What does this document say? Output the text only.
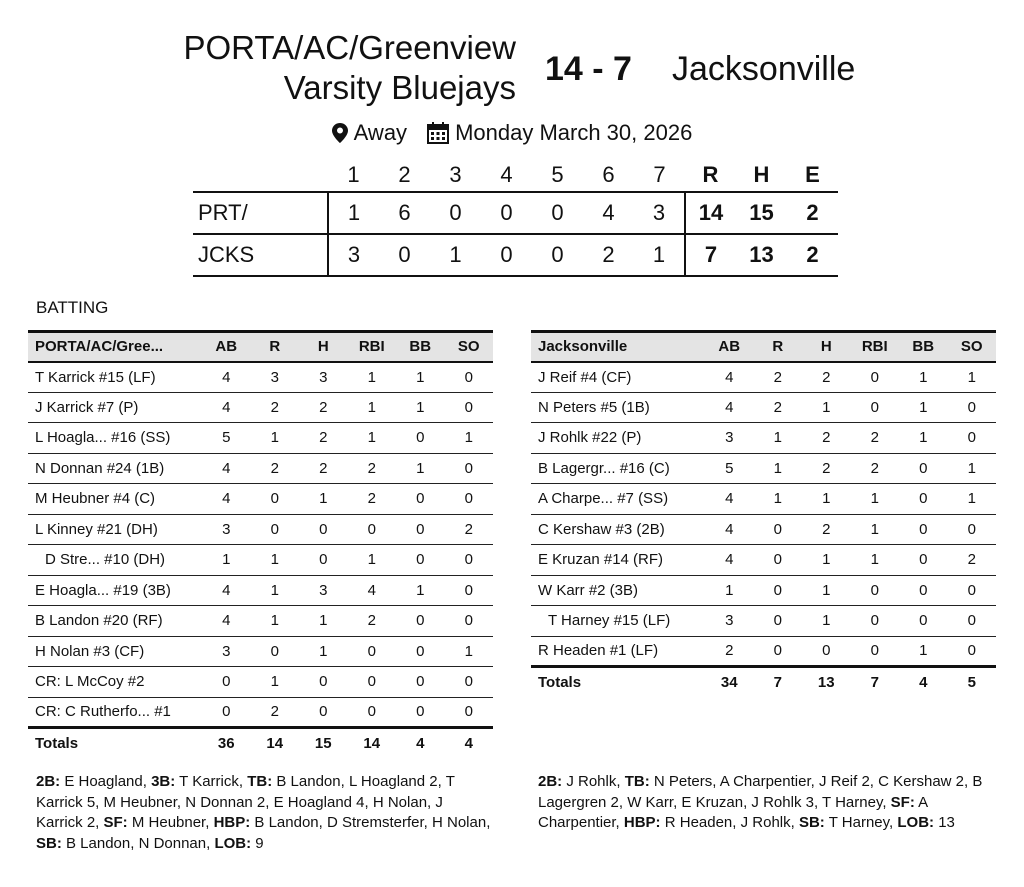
PORTA/AC/Greenview
Varsity Bluejays 14 - 7 Jacksonville
Away Monday March 30, 2026
	1	2	3	4	5	6	7	R	H	E
PRT/	1	6	0	0	0	4	3	14	15	2
JCKS	3	0	1	0	0	2	1	7	13	2
BATTING
PORTA/AC/Gree...	AB	R	H	RBI	BB	SO
T Karrick #15 (LF)	4	3	3	1	1	0
J Karrick #7 (P)	4	2	2	1	1	0
L Hoagla... #16 (SS)	5	1	2	1	0	1
N Donnan #24 (1B)	4	2	2	2	1	0
M Heubner #4 (C)	4	0	1	2	0	0
L Kinney #21 (DH)	3	0	0	0	0	2
D Stre... #10 (DH)	1	1	0	1	0	0
E Hoagla... #19 (3B)	4	1	3	4	1	0
B Landon #20 (RF)	4	1	1	2	0	0
H Nolan #3 (CF)	3	0	1	0	0	1
CR: L McCoy #2	0	1	0	0	0	0
CR: C Rutherfo... #1	0	2	0	0	0	0
Totals	36	14	15	14	4	4
Jacksonville	AB	R	H	RBI	BB	SO
J Reif #4 (CF)	4	2	2	0	1	1
N Peters #5 (1B)	4	2	1	0	1	0
J Rohlk #22 (P)	3	1	2	2	1	0
B Lagergr... #16 (C)	5	1	2	2	0	1
A Charpe... #7 (SS)	4	1	1	1	0	1
C Kershaw #3 (2B)	4	0	2	1	0	0
E Kruzan #14 (RF)	4	0	1	1	0	2
W Karr #2 (3B)	1	0	1	0	0	0
T Harney #15 (LF)	3	0	1	0	0	0
R Headen #1 (LF)	2	0	0	0	1	0
Totals	34	7	13	7	4	5
2B: E Hoagland, 3B: T Karrick, TB: B Landon, L Hoagland 2, T Karrick 5, M Heubner, N Donnan 2, E Hoagland 4, H Nolan, J Karrick 2, SF: M Heubner, HBP: B Landon, D Stremsterfer, H Nolan, SB: B Landon, N Donnan, LOB: 9
2B: J Rohlk, TB: N Peters, A Charpentier, J Reif 2, C Kershaw 2, B Lagergren 2, W Karr, E Kruzan, J Rohlk 3, T Harney, SF: A Charpentier, HBP: R Headen, J Rohlk, SB: T Harney, LOB: 13
